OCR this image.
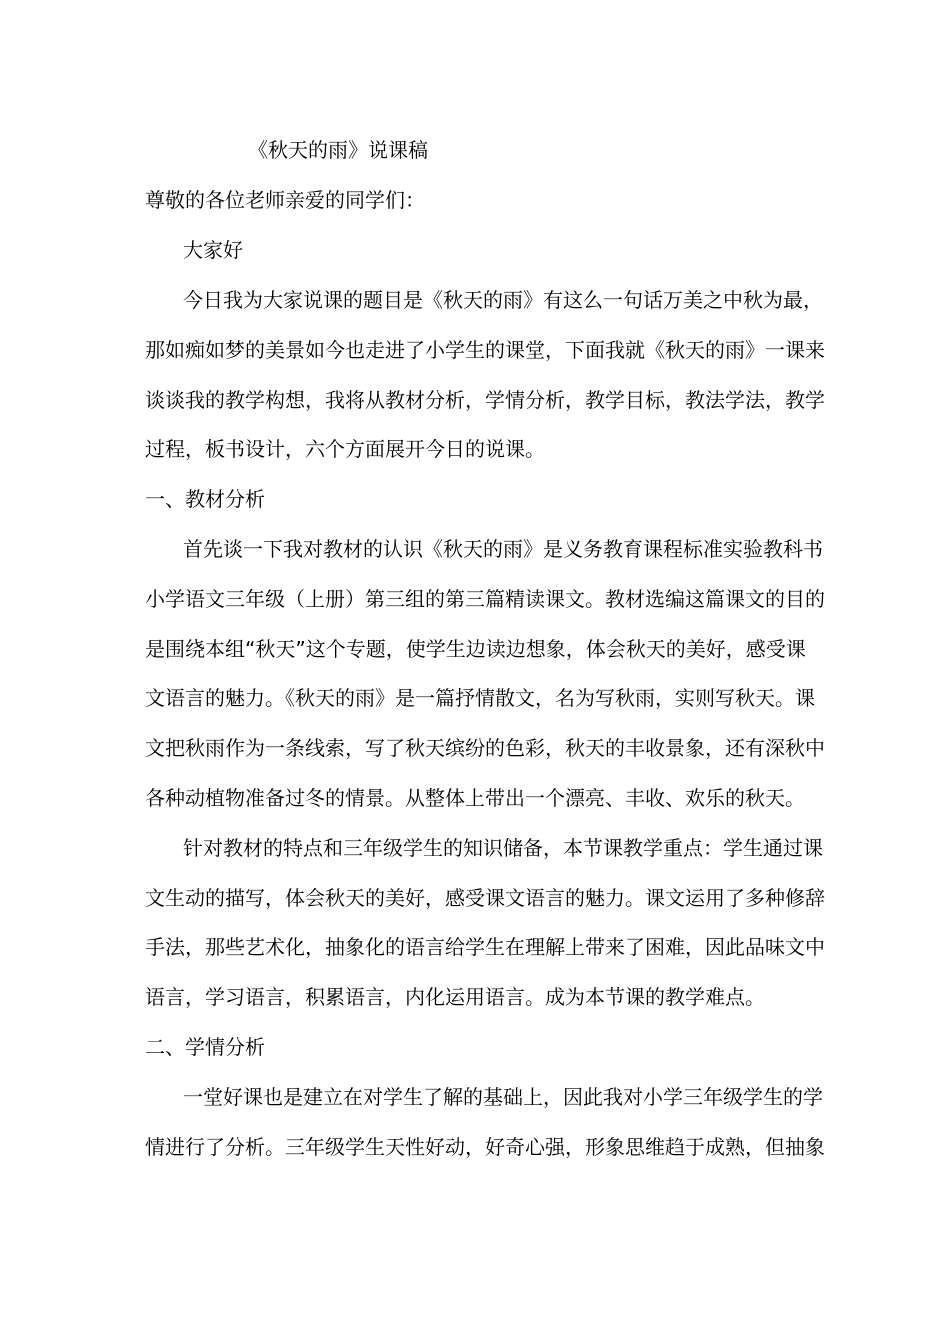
《秋天的雨》说课稿
尊敬的各位老师亲爱的同学们：
大家好
今日我为大家说课的题目是《秋天的雨》有这么一句话万美之中秋为最，
那如痴如梦的美景如今也走进了小学生的课堂，下面我就《秋天的雨》一课来
谈谈我的教学构想，我将从教材分析，学情分析，教学目标，教法学法，教学
过程，板书设计，六个方面展开今日的说课。
一、教材分析
首先谈一下我对教材的认识《秋天的雨》是义务教育课程标准实验教科书
小学语文三年级（上册）第三组的第三篇精读课文。教材选编这篇课文的目的
是围绕本组“秋天”这个专题，使学生边读边想象，体会秋天的美好，感受课
文语言的魅力。《秋天的雨》是一篇抒情散文，名为写秋雨，实则写秋天。课
文把秋雨作为一条线索，写了秋天缤纷的色彩，秋天的丰收景象，还有深秋中
各种动植物准备过冬的情景。从整体上带出一个漂亮、丰收、欢乐的秋天。
针对教材的特点和三年级学生的知识储备，本节课教学重点：学生通过课
文生动的描写，体会秋天的美好，感受课文语言的魅力。课文运用了多种修辞
手法，那些艺术化，抽象化的语言给学生在理解上带来了困难，因此品味文中
语言，学习语言，积累语言，内化运用语言。成为本节课的教学难点。
二、学情分析
一堂好课也是建立在对学生了解的基础上，因此我对小学三年级学生的学
情进行了分析。三年级学生天性好动，好奇心强，形象思维趋于成熟，但抽象
